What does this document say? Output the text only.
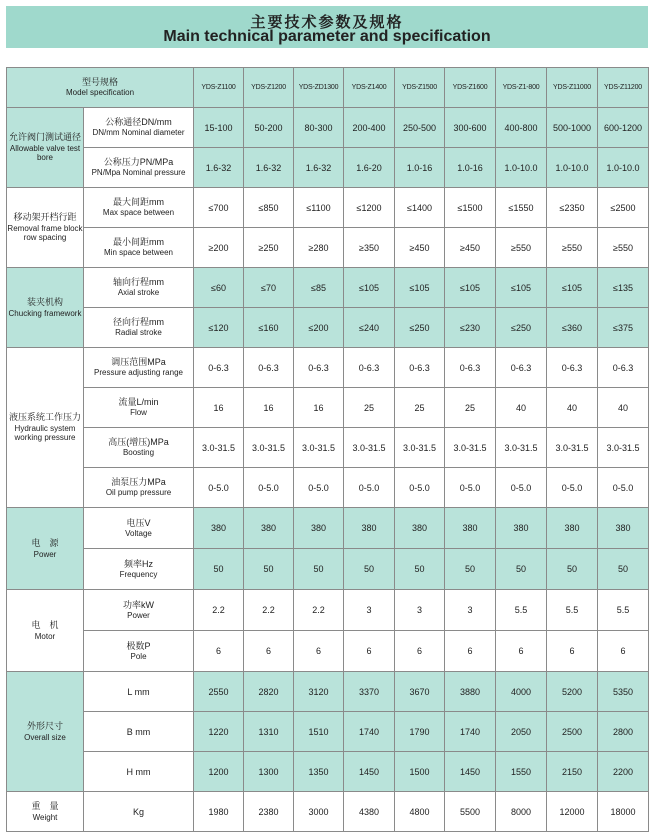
主要技术参数及规格
Main technical parameter and specification
型号规格
Model specification		YDS-Z1100	YDS-Z1200	YDS-ZD1300	YDS-Z1400	YDS-Z1500	YDS-Z1600	YDS-Z1-800	YDS-Z11000	YDS-Z11200

允许阀门测试通径
Allowable valve test bore	公称通径DN/mm
DN/mm Nominal diameter	15-100	50-200	80-300	200-400	250-500	300-600	400-800	500-1000	600-1200

	公称压力PN/MPa
PN/Mpa Nominal pressure	1.6-32	1.6-32	1.6-32	1.6-20	1.0-16	1.0-16	1.0-10.0	1.0-10.0	1.0-10.0

移动架开档行距
Removal frame block row spacing	最大间距mm
Max space between	≤700	≤850	≤1100	≤1200	≤1400	≤1500	≤1550	≤2350	≤2500

	最小间距mm
Min space between	≥200	≥250	≥280	≥350	≥450	≥450	≥550	≥550	≥550

装夹机构
Chucking framework	轴向行程mm
Axial stroke	≤60	≤70	≤85	≤105	≤105	≤105	≤105	≤105	≤135

	径向行程mm
Radial stroke	≤120	≤160	≤200	≤240	≤250	≤230	≤250	≤360	≤375

液压系统工作压力
Hydraulic system working pressure	调压范围MPa
Pressure adjusting range	0-6.3	0-6.3	0-6.3	0-6.3	0-6.3	0-6.3	0-6.3	0-6.3	0-6.3

	流量L/min
Flow	16	16	16	25	25	25	40	40	40

	高压(增压)MPa
Boosting	3.0-31.5	3.0-31.5	3.0-31.5	3.0-31.5	3.0-31.5	3.0-31.5	3.0-31.5	3.0-31.5	3.0-31.5

	油泵压力MPa
Oil pump pressure	0-5.0	0-5.0	0-5.0	0-5.0	0-5.0	0-5.0	0-5.0	0-5.0	0-5.0

电　源
Power	电压V
Voltage	380	380	380	380	380	380	380	380	380

	频率Hz
Frequency	50	50	50	50	50	50	50	50	50

电　机
Motor	功率kW
Power	2.2	2.2	2.2	3	3	3	5.5	5.5	5.5

	极数P
Pole	6	6	6	6	6	6	6	6	6

外形尺寸
Overall size	L mm	2550	2820	3120	3370	3670	3880	4000	5200	5350

	B mm	1220	1310	1510	1740	1790	1740	2050	2500	2800

	H mm	1200	1300	1350	1450	1500	1450	1550	2150	2200

重　量
Weight	Kg	1980	2380	3000	4380	4800	5500	8000	12000	18000
